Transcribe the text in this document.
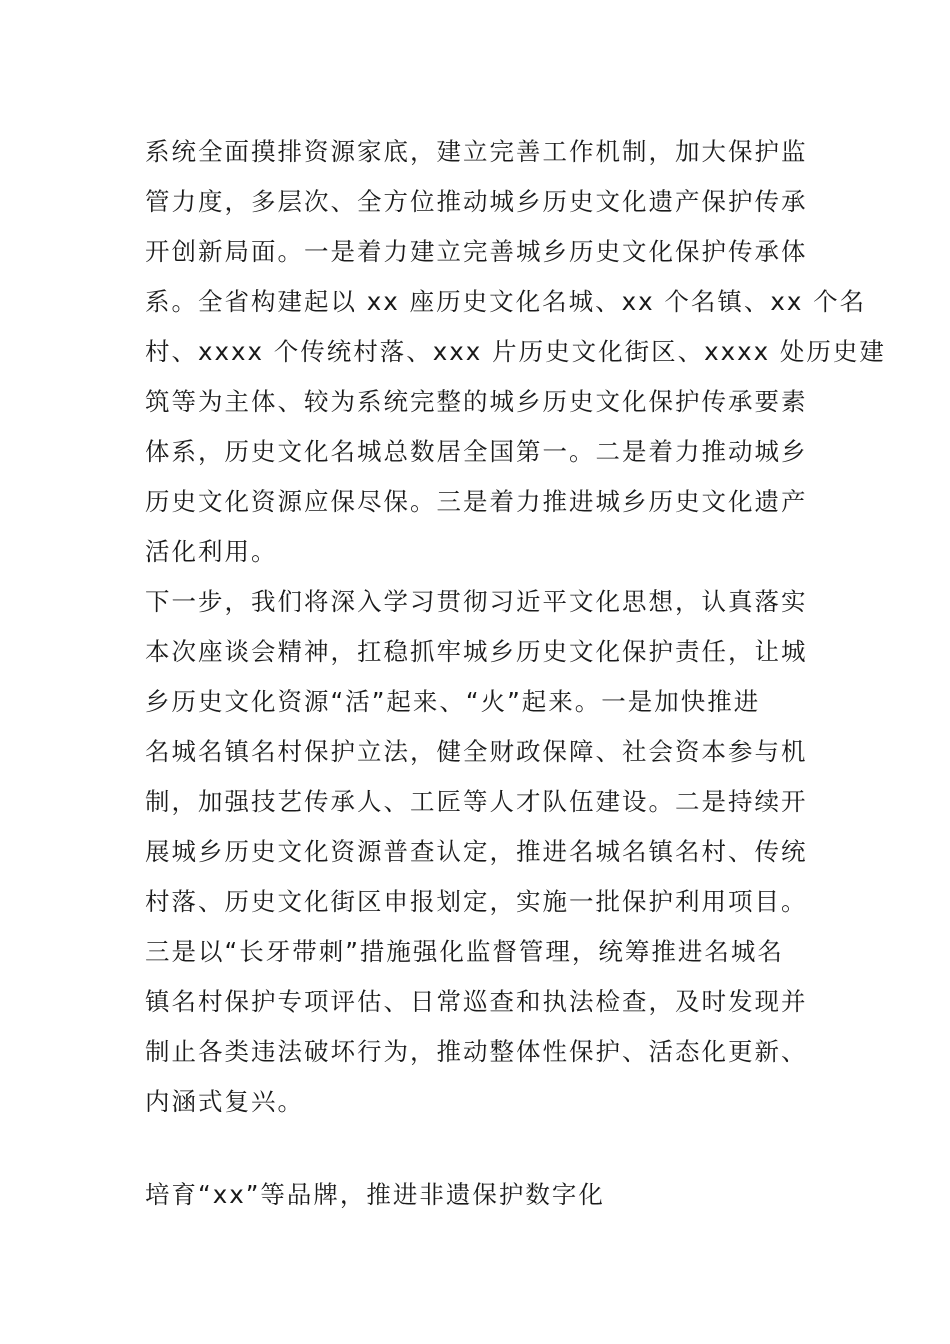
系统全面摸排资源家底，建立完善工作机制，加大保护监
管力度，多层次、全方位推动城乡历史文化遗产保护传承
开创新局面。一是着力建立完善城乡历史文化保护传承体
系。全省构建起以 xx 座历史文化名城、xx 个名镇、xx 个名
村、xxxx 个传统村落、xxx 片历史文化街区、xxxx 处历史建
筑等为主体、较为系统完整的城乡历史文化保护传承要素
体系，历史文化名城总数居全国第一。二是着力推动城乡
历史文化资源应保尽保。三是着力推进城乡历史文化遗产
活化利用。
下一步，我们将深入学习贯彻习近平文化思想，认真落实
本次座谈会精神，扛稳抓牢城乡历史文化保护责任，让城
乡历史文化资源“活”起来、“火”起来。一是加快推进
名城名镇名村保护立法，健全财政保障、社会资本参与机
制，加强技艺传承人、工匠等人才队伍建设。二是持续开
展城乡历史文化资源普查认定，推进名城名镇名村、传统
村落、历史文化街区申报划定，实施一批保护利用项目。
三是以“长牙带刺”措施强化监督管理，统筹推进名城名
镇名村保护专项评估、日常巡查和执法检查，及时发现并
制止各类违法破坏行为，推动整体性保护、活态化更新、
内涵式复兴。
培育“xx”等品牌，推进非遗保护数字化
